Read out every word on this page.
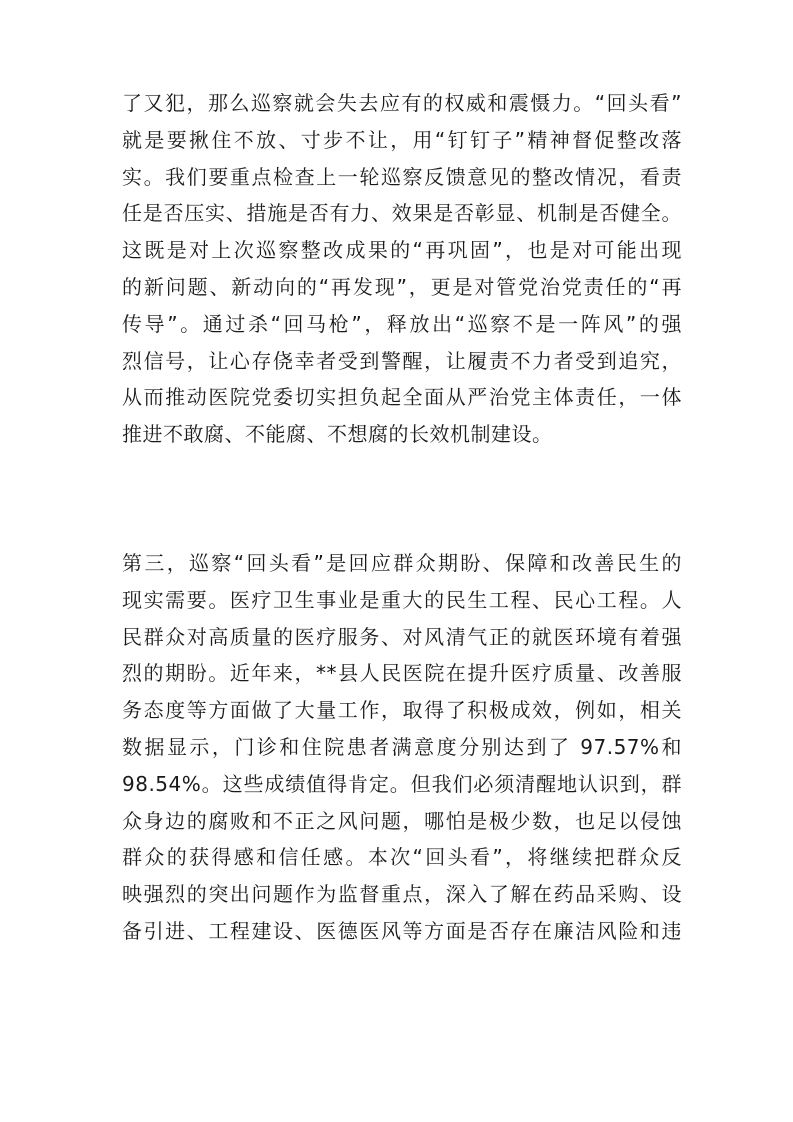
了又犯，那么巡察就会失去应有的权威和震慑力。“回头看”
就是要揪住不放、寸步不让，用“钉钉子”精神督促整改落
实。我们要重点检查上一轮巡察反馈意见的整改情况，看责
任是否压实、措施是否有力、效果是否彰显、机制是否健全。
这既是对上次巡察整改成果的“再巩固”，也是对可能出现
的新问题、新动向的“再发现”，更是对管党治党责任的“再
传导”。通过杀“回马枪”，释放出“巡察不是一阵风”的强
烈信号，让心存侥幸者受到警醒，让履责不力者受到追究，
从而推动医院党委切实担负起全面从严治党主体责任，一体
推进不敢腐、不能腐、不想腐的长效机制建设。
第三，巡察“回头看”是回应群众期盼、保障和改善民生的
现实需要。医疗卫生事业是重大的民生工程、民心工程。人
民群众对高质量的医疗服务、对风清气正的就医环境有着强
烈的期盼。近年来，**县人民医院在提升医疗质量、改善服
务态度等方面做了大量工作，取得了积极成效，例如，相关
数据显示，门诊和住院患者满意度分别达到了 97.57%和
98.54%。这些成绩值得肯定。但我们必须清醒地认识到，群
众身边的腐败和不正之风问题，哪怕是极少数，也足以侵蚀
群众的获得感和信任感。本次“回头看”，将继续把群众反
映强烈的突出问题作为监督重点，深入了解在药品采购、设
备引进、工程建设、医德医风等方面是否存在廉洁风险和违
